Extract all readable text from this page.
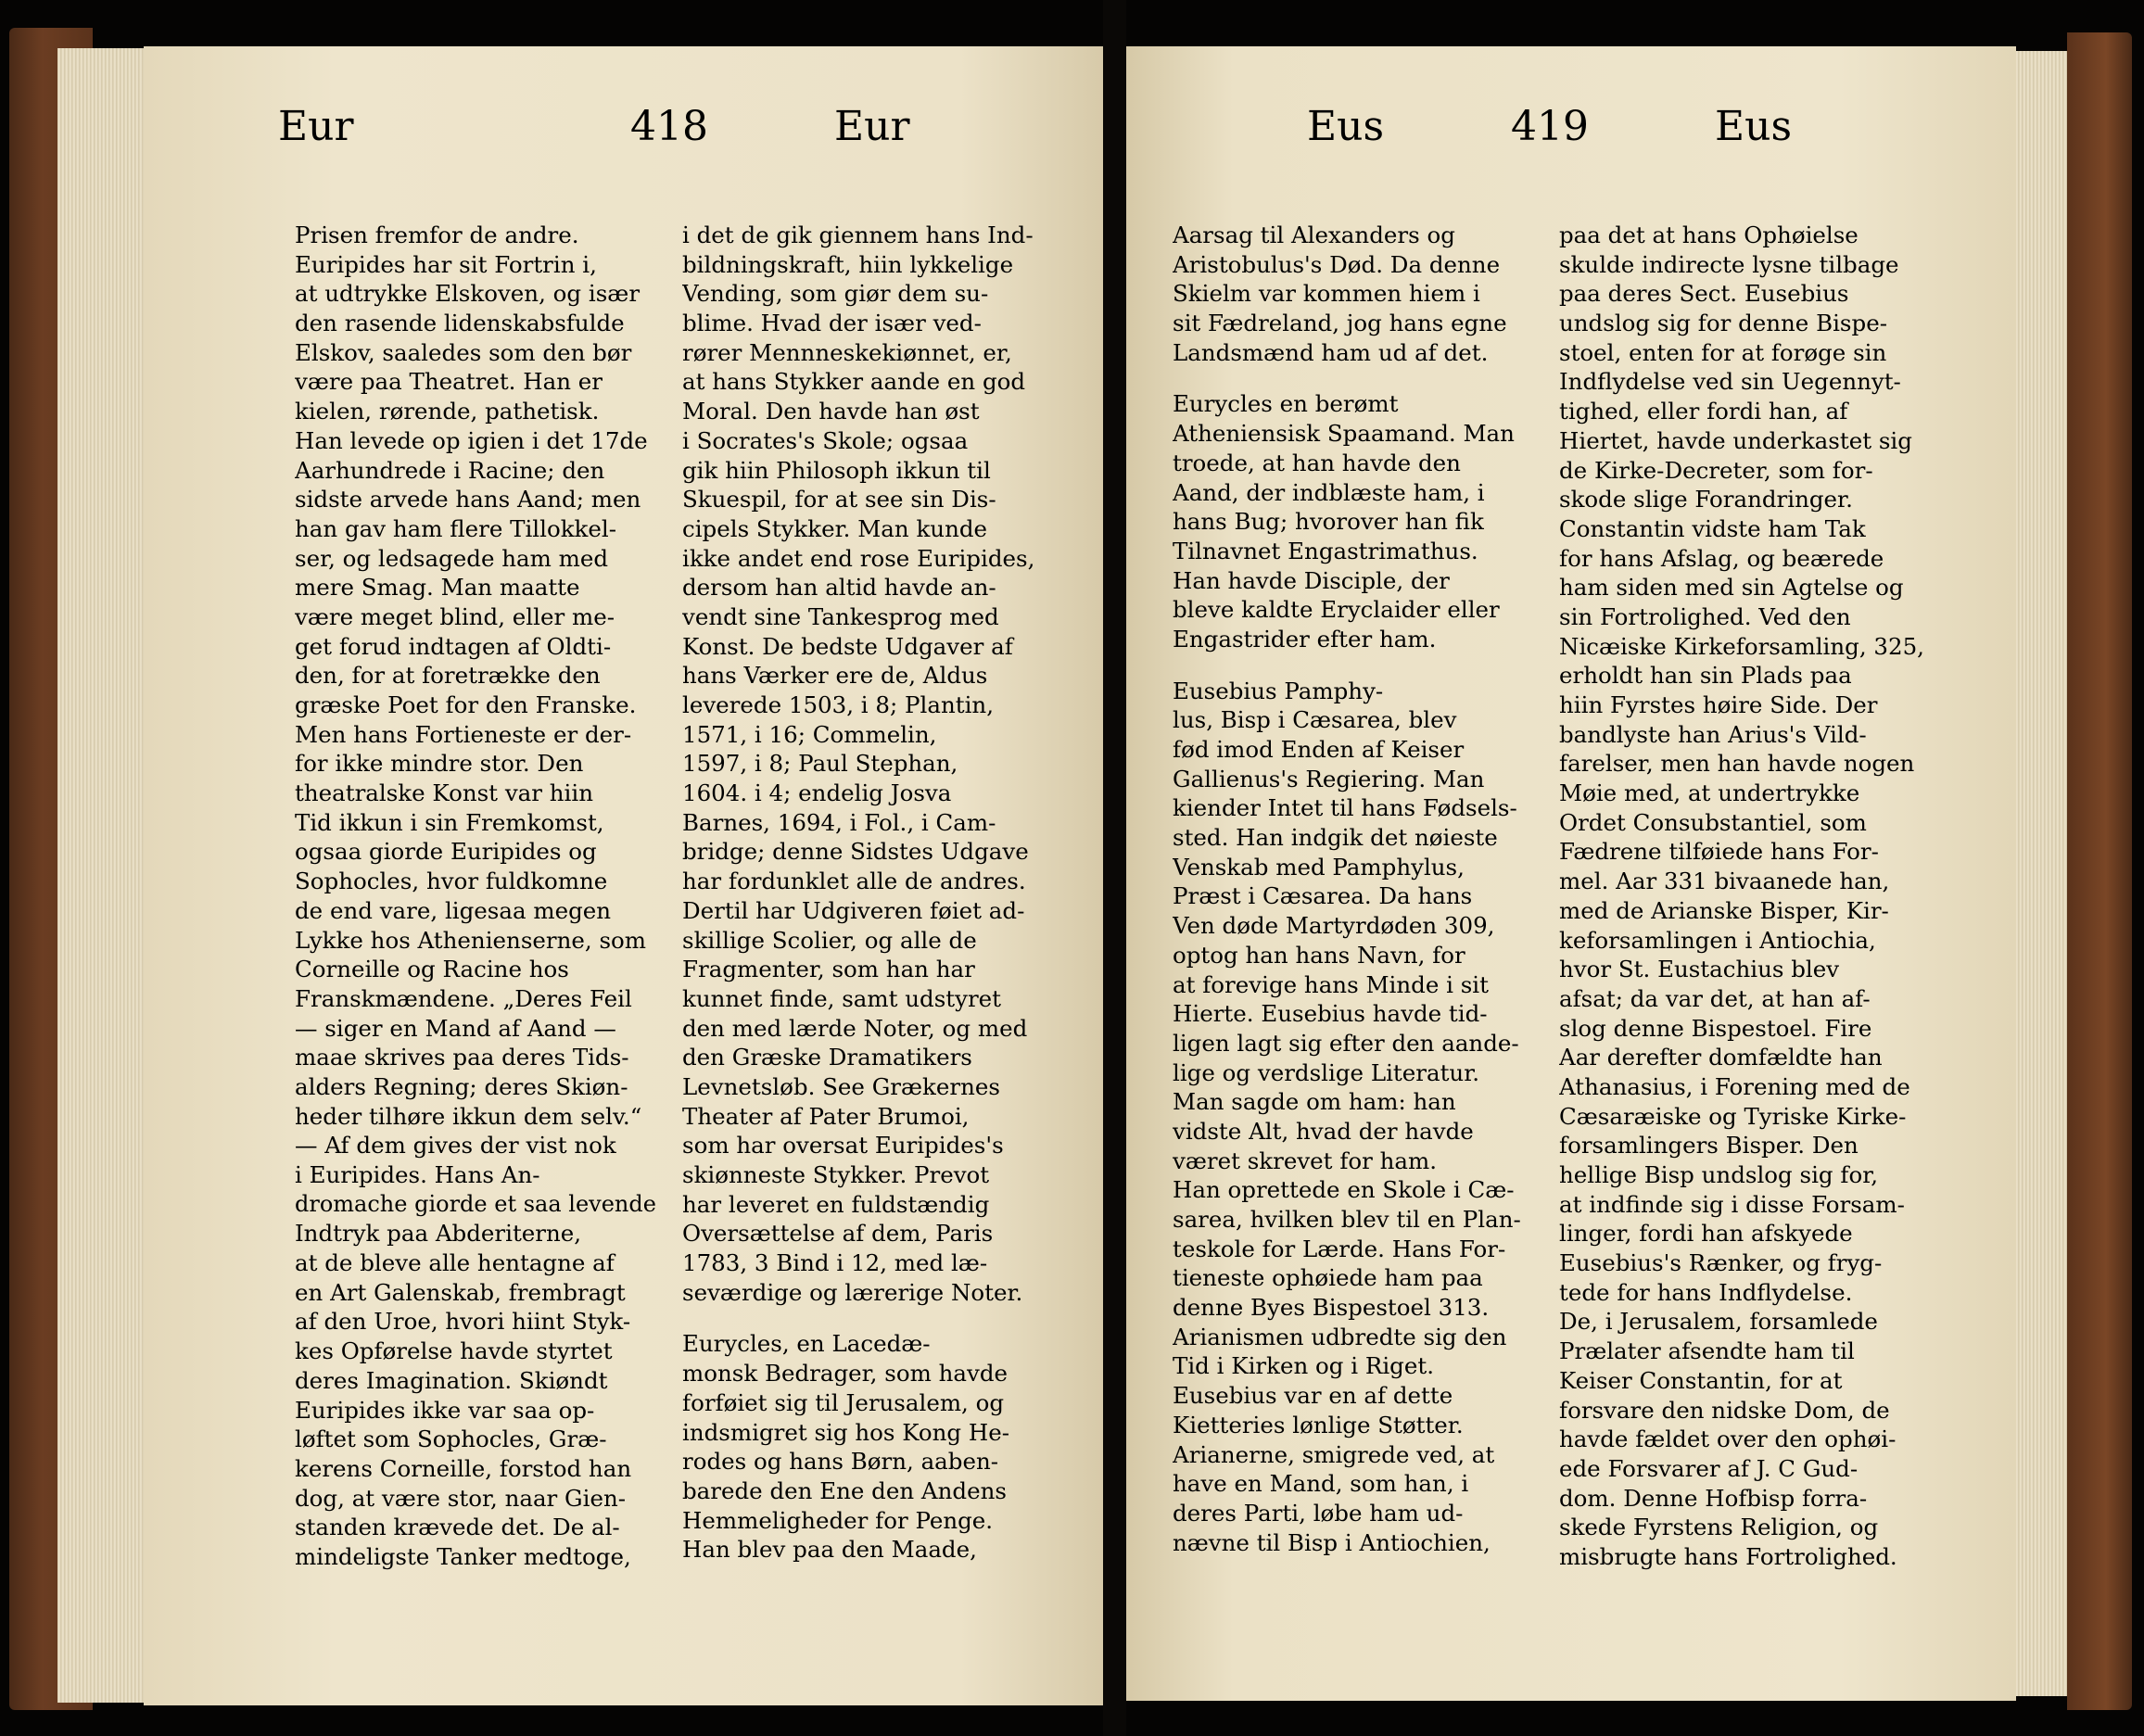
Eur	418	Eur	Eus	419	Eus
Prisen fremfor de andre.
Euripides har sit Fortrin i,
at udtrykke Elskoven, og især
den rasende lidenskabsfulde
Elskov, saaledes som den bør
være paa Theatret. Han er
kielen, rørende, pathetisk.
Han levede op igien i det 17de
Aarhundrede i Racine; den
sidste arvede hans Aand; men
han gav ham flere Tillokkel-
ser, og ledsagede ham med
mere Smag. Man maatte
være meget blind, eller me-
get forud indtagen af Oldti-
den, for at foretrække den
græske Poet for den Franske.
Men hans Fortieneste er der-
for ikke mindre stor. Den
theatralske Konst var hiin
Tid ikkun i sin Fremkomst,
ogsaa giorde Euripides og
Sophocles, hvor fuldkomne
de end vare, ligesaa megen
Lykke hos Athenienserne, som
Corneille og Racine hos
Franskmændene. „Deres Feil
— siger en Mand af Aand —
maae skrives paa deres Tids-
alders Regning; deres Skiøn-
heder tilhøre ikkun dem selv.“
— Af dem gives der vist nok
i Euripides. Hans An-
dromache giorde et saa levende
Indtryk paa Abderiterne,
at de bleve alle hentagne af
en Art Galenskab, frembragt
af den Uroe, hvori hiint Styk-
kes Opførelse havde styrtet
deres Imagination. Skiøndt
Euripides ikke var saa op-
løftet som Sophocles, Græ-
kerens Corneille, forstod han
dog, at være stor, naar Gien-
standen krævede det. De al-
mindeligste Tanker medtoge,
i det de gik giennem hans Ind-
bildningskraft, hiin lykkelige
Vending, som giør dem su-
blime. Hvad der især ved-
rører Mennneskekiønnet, er,
at hans Stykker aande en god
Moral. Den havde han øst
i Socrates's Skole; ogsaa
gik hiin Philosoph ikkun til
Skuespil, for at see sin Dis-
cipels Stykker. Man kunde
ikke andet end rose Euripides,
dersom han altid havde an-
vendt sine Tankesprog med
Konst. De bedste Udgaver af
hans Værker ere de, Aldus
leverede 1503, i 8; Plantin,
1571, i 16; Commelin,
1597, i 8; Paul Stephan,
1604. i 4; endelig Josva
Barnes, 1694, i Fol., i Cam-
bridge; denne Sidstes Udgave
har fordunklet alle de andres.
Dertil har Udgiveren føiet ad-
skillige Scolier, og alle de
Fragmenter, som han har
kunnet finde, samt udstyret
den med lærde Noter, og med
den Græske Dramatikers
Levnetsløb. See Grækernes
Theater af Pater Brumoi,
som har oversat Euripides's
skiønneste Stykker. Prevot
har leveret en fuldstændig
Oversættelse af dem, Paris
1783, 3 Bind i 12, med læ-
seværdige og lærerige Noter.
Eurycles, en Lacedæ-
monsk Bedrager, som havde
forføiet sig til Jerusalem, og
indsmigret sig hos Kong He-
rodes og hans Børn, aaben-
barede den Ene den Andens
Hemmeligheder for Penge.
Han blev paa den Maade,
Aarsag til Alexanders og
Aristobulus's Død. Da denne
Skielm var kommen hiem i
sit Fædreland, jog hans egne
Landsmænd ham ud af det.
Eurycles en berømt
Atheniensisk Spaamand. Man
troede, at han havde den
Aand, der indblæste ham, i
hans Bug; hvorover han fik
Tilnavnet Engastrimathus.
Han havde Disciple, der
bleve kaldte Eryclaider eller
Engastrider efter ham.
Eusebius Pamphy-
lus, Bisp i Cæsarea, blev
fød imod Enden af Keiser
Gallienus's Regiering. Man
kiender Intet til hans Fødsels-
sted. Han indgik det nøieste
Venskab med Pamphylus,
Præst i Cæsarea. Da hans
Ven døde Martyrdøden 309,
optog han hans Navn, for
at forevige hans Minde i sit
Hierte. Eusebius havde tid-
ligen lagt sig efter den aande-
lige og verdslige Literatur.
Man sagde om ham: han
vidste Alt, hvad der havde
været skrevet for ham.
Han oprettede en Skole i Cæ-
sarea, hvilken blev til en Plan-
teskole for Lærde. Hans For-
tieneste ophøiede ham paa
denne Byes Bispestoel 313.
Arianismen udbredte sig den
Tid i Kirken og i Riget.
Eusebius var en af dette
Kietteries lønlige Støtter.
Arianerne, smigrede ved, at
have en Mand, som han, i
deres Parti, løbe ham ud-
nævne til Bisp i Antiochien,
paa det at hans Ophøielse
skulde indirecte lysne tilbage
paa deres Sect. Eusebius
undslog sig for denne Bispe-
stoel, enten for at forøge sin
Indflydelse ved sin Uegennyt-
tighed, eller fordi han, af
Hiertet, havde underkastet sig
de Kirke-Decreter, som for-
skode slige Forandringer.
Constantin vidste ham Tak
for hans Afslag, og beærede
ham siden med sin Agtelse og
sin Fortrolighed. Ved den
Nicæiske Kirkeforsamling, 325,
erholdt han sin Plads paa
hiin Fyrstes høire Side. Der
bandlyste han Arius's Vild-
farelser, men han havde nogen
Møie med, at undertrykke
Ordet Consubstantiel, som
Fædrene tilføiede hans For-
mel. Aar 331 bivaanede han,
med de Arianske Bisper, Kir-
keforsamlingen i Antiochia,
hvor St. Eustachius blev
afsat; da var det, at han af-
slog denne Bispestoel. Fire
Aar derefter domfældte han
Athanasius, i Forening med de
Cæsaræiske og Tyriske Kirke-
forsamlingers Bisper. Den
hellige Bisp undslog sig for,
at indfinde sig i disse Forsam-
linger, fordi han afskyede
Eusebius's Rænker, og fryg-
tede for hans Indflydelse.
De, i Jerusalem, forsamlede
Prælater afsendte ham til
Keiser Constantin, for at
forsvare den nidske Dom, de
havde fældet over den ophøi-
ede Forsvarer af J. C Gud-
dom. Denne Hofbisp forra-
skede Fyrstens Religion, og
misbrugte hans Fortrolighed.
